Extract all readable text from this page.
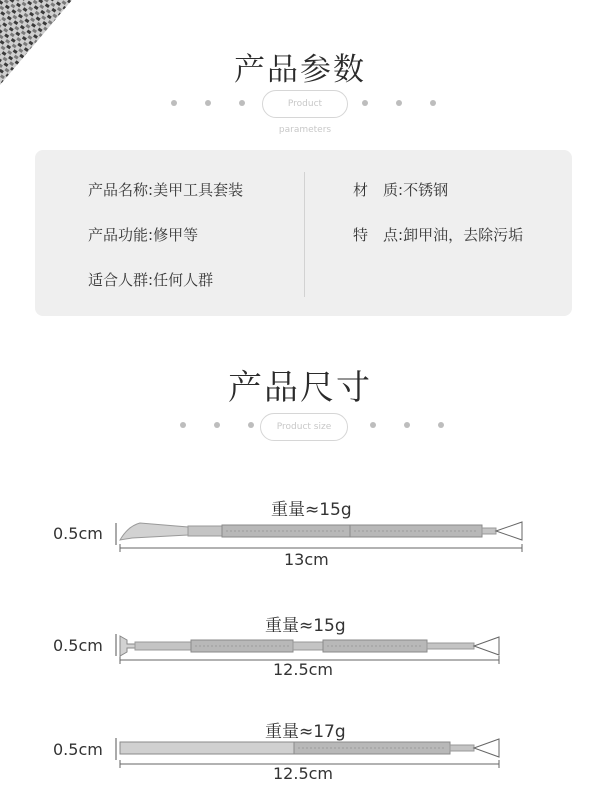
产品参数
Product parameters
产品名称:美甲工具套装
产品功能:修甲等
适合人群:任何人群
材　质:不锈钢
特　点:卸甲油，去除污垢
产品尺寸
Product size
重量≈15g
0.5cm
13cm
重量≈15g
0.5cm
12.5cm
重量≈17g
0.5cm
12.5cm
